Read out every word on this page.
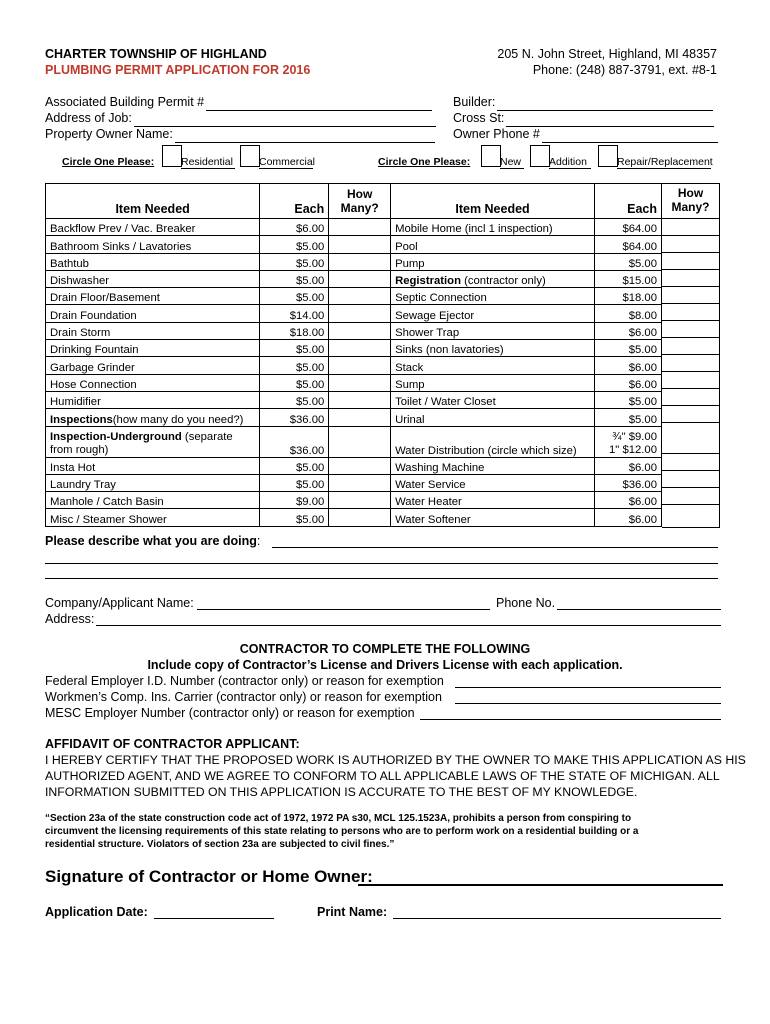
CHARTER TOWNSHIP OF HIGHLAND
PLUMBING PERMIT APPLICATION FOR 2016
205 N. John Street, Highland, MI 48357
Phone: (248) 887-3791, ext. #8-1
Associated Building Permit #
Address of Job:
Property Owner Name:
Builder:
Cross St:
Owner Phone #
Circle One Please:	Residential Commercial	Circle One Please:	New	Addition	Repair/Replacement
Item Needed	Each	How Many?	Item Needed	Each
Backflow Prev / Vac. Breaker	$6.00		Mobile Home (incl 1 inspection)	$64.00
Bathroom Sinks / Lavatories	$5.00		Pool	$64.00
Bathtub	$5.00		Pump	$5.00
Dishwasher	$5.00		Registration (contractor only)	$15.00
Drain Floor/Basement	$5.00		Septic Connection	$18.00
Drain Foundation	$14.00		Sewage Ejector	$8.00
Drain Storm	$18.00		Shower Trap	$6.00
Drinking Fountain	$5.00		Sinks (non lavatories)	$5.00
Garbage Grinder	$5.00		Stack	$6.00
Hose Connection	$5.00		Sump	$6.00
Humidifier	$5.00		Toilet / Water Closet	$5.00
Inspections(how many do you need?)	$36.00		Urinal	$5.00
Inspection-Underground (separate from rough)	$36.00		Water Distribution (circle which size)	¾" $9.00
1" $12.00

Insta Hot	$5.00		Washing Machine	$6.00
Laundry Tray	$5.00		Water Service	$36.00
Manhole / Catch Basin	$9.00		Water Heater	$6.00
Misc / Steamer Shower	$5.00		Water Softener	$6.00
How Many?
Please describe what you are doing:
Company/Applicant Name:	Phone No.
Address:
CONTRACTOR TO COMPLETE THE FOLLOWING
Include copy of Contractor’s License and Drivers License with each application.
Federal Employer I.D. Number (contractor only) or reason for exemption
Workmen’s Comp. Ins. Carrier (contractor only) or reason for exemption
MESC Employer Number (contractor only) or reason for exemption
AFFIDAVIT OF CONTRACTOR APPLICANT:
I HEREBY CERTIFY THAT THE PROPOSED WORK IS AUTHORIZED BY THE OWNER TO MAKE THIS APPLICATION AS HIS
AUTHORIZED AGENT, AND WE AGREE TO CONFORM TO ALL APPLICABLE LAWS OF THE STATE OF MICHIGAN. ALL
INFORMATION SUBMITTED ON THIS APPLICATION IS ACCURATE TO THE BEST OF MY KNOWLEDGE.
“Section 23a of the state construction code act of 1972, 1972 PA s30, MCL 125.1523A, prohibits a person from conspiring to
circumvent the licensing requirements of this state relating to persons who are to perform work on a residential building or a
residential structure. Violators of section 23a are subjected to civil fines.”
Signature of Contractor or Home Owner:
Application Date:	Print Name:
